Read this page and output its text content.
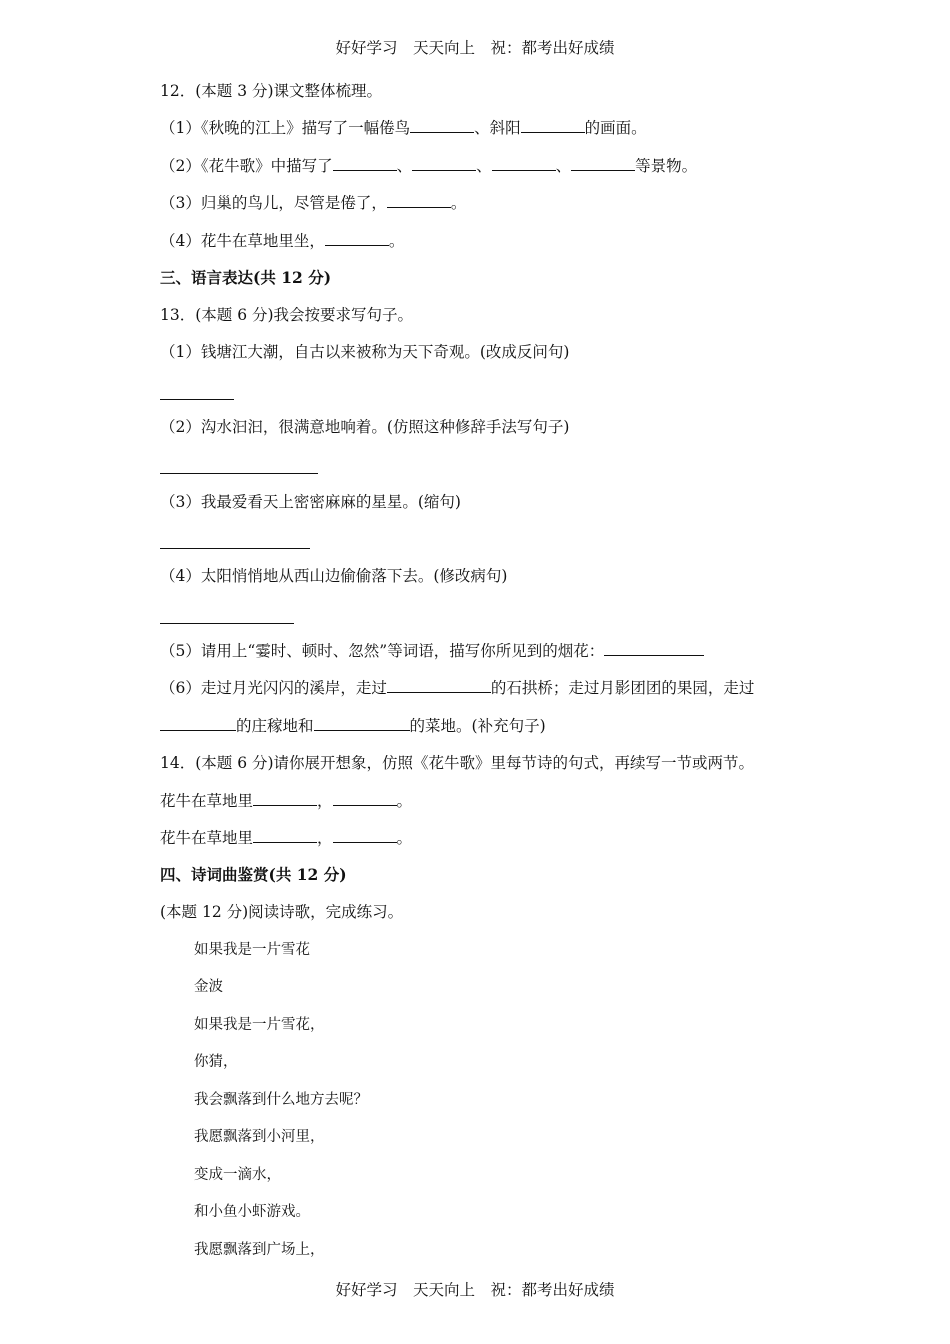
好好学习　天天向上　祝：都考出好成绩
12．(本题 3 分)课文整体梳理。
（1）《秋晚的江上》描写了一幅倦鸟	、斜阳	的画面。
（2）《花牛歌》中描写了	、	、	、	等景物。
（3）归巢的鸟儿，尽管是倦了，	。
（4）花牛在草地里坐，	。
三、语言表达(共 12 分)
13．(本题 6 分)我会按要求写句子。
（1）钱塘江大潮，自古以来被称为天下奇观。(改成反问句)
（2）沟水汩汩，很满意地响着。(仿照这种修辞手法写句子)
（3）我最爱看天上密密麻麻的星星。(缩句)
（4）太阳悄悄地从西山边偷偷落下去。(修改病句)
（5）请用上“霎时、顿时、忽然”等词语，描写你所见到的烟花：
（6）走过月光闪闪的溪岸，走过	的石拱桥；走过月影团团的果园，走过
的庄稼地和	的菜地。(补充句子)
14．(本题 6 分)请你展开想象，仿照《花牛歌》里每节诗的句式，再续写一节或两节。
花牛在草地里	，	。
花牛在草地里	，	。
四、诗词曲鉴赏(共 12 分)
(本题 12 分)阅读诗歌，完成练习。
如果我是一片雪花
金波
如果我是一片雪花，
你猜，
我会飘落到什么地方去呢？
我愿飘落到小河里，
变成一滴水，
和小鱼小虾游戏。
我愿飘落到广场上，
好好学习　天天向上　祝：都考出好成绩
